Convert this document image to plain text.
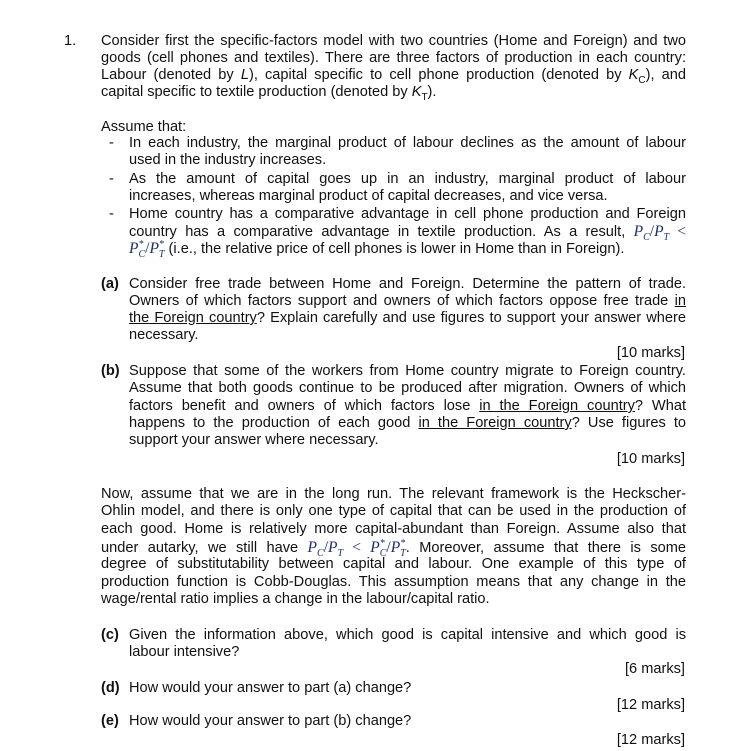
1. Consider first the specific-factors model with two countries (Home and Foreign) and two
goods (cell phones and textiles). There are three factors of production in each country:
Labour (denoted by L), capital specific to cell phone production (denoted by $K_C$), and
capital specific to textile production (denoted by $K_T$).
Assume that:
- In each industry, the marginal product of labour declines as the amount of labour
used in the industry increases.
- As the amount of capital goes up in an industry, marginal product of labour
increases, whereas marginal product of capital decreases, and vice versa.
- Home country has a comparative advantage in cell phone production and Foreign
country has a comparative advantage in textile production. As a result, $P_C/P_T$ <
$P^*_C/P^*_T$ (i.e., the relative price of cell phones is lower in Home than in Foreign).
(a) Consider free trade between Home and Foreign. Determine the pattern of trade.
Owners of which factors support and owners of which factors oppose free trade in
the Foreign country? Explain carefully and use figures to support your answer where
necessary.
[10 marks]
(b) Suppose that some of the workers from Home country migrate to Foreign country.
Assume that both goods continue to be produced after migration. Owners of which
factors benefit and owners of which factors lose in the Foreign country? What
happens to the production of each good in the Foreign country? Use figures to
support your answer where necessary.
[10 marks]
Now, assume that we are in the long run. The relevant framework is the Heckscher-
Ohlin model, and there is only one type of capital that can be used in the production of
each good. Home is relatively more capital-abundant than Foreign. Assume also that
under autarky, we still have $P_C/P_T < P^*_C/P^*_T$. Moreover, assume that there is some
degree of substitutability between capital and labour. One example of this type of
production function is Cobb-Douglas. This assumption means that any change in the
wage/rental ratio implies a change in the labour/capital ratio.
(c) Given the information above, which good is capital intensive and which good is
labour intensive?
[6 marks]
(d) How would your answer to part (a) change?
[12 marks]
(e) How would your answer to part (b) change?
[12 marks]
